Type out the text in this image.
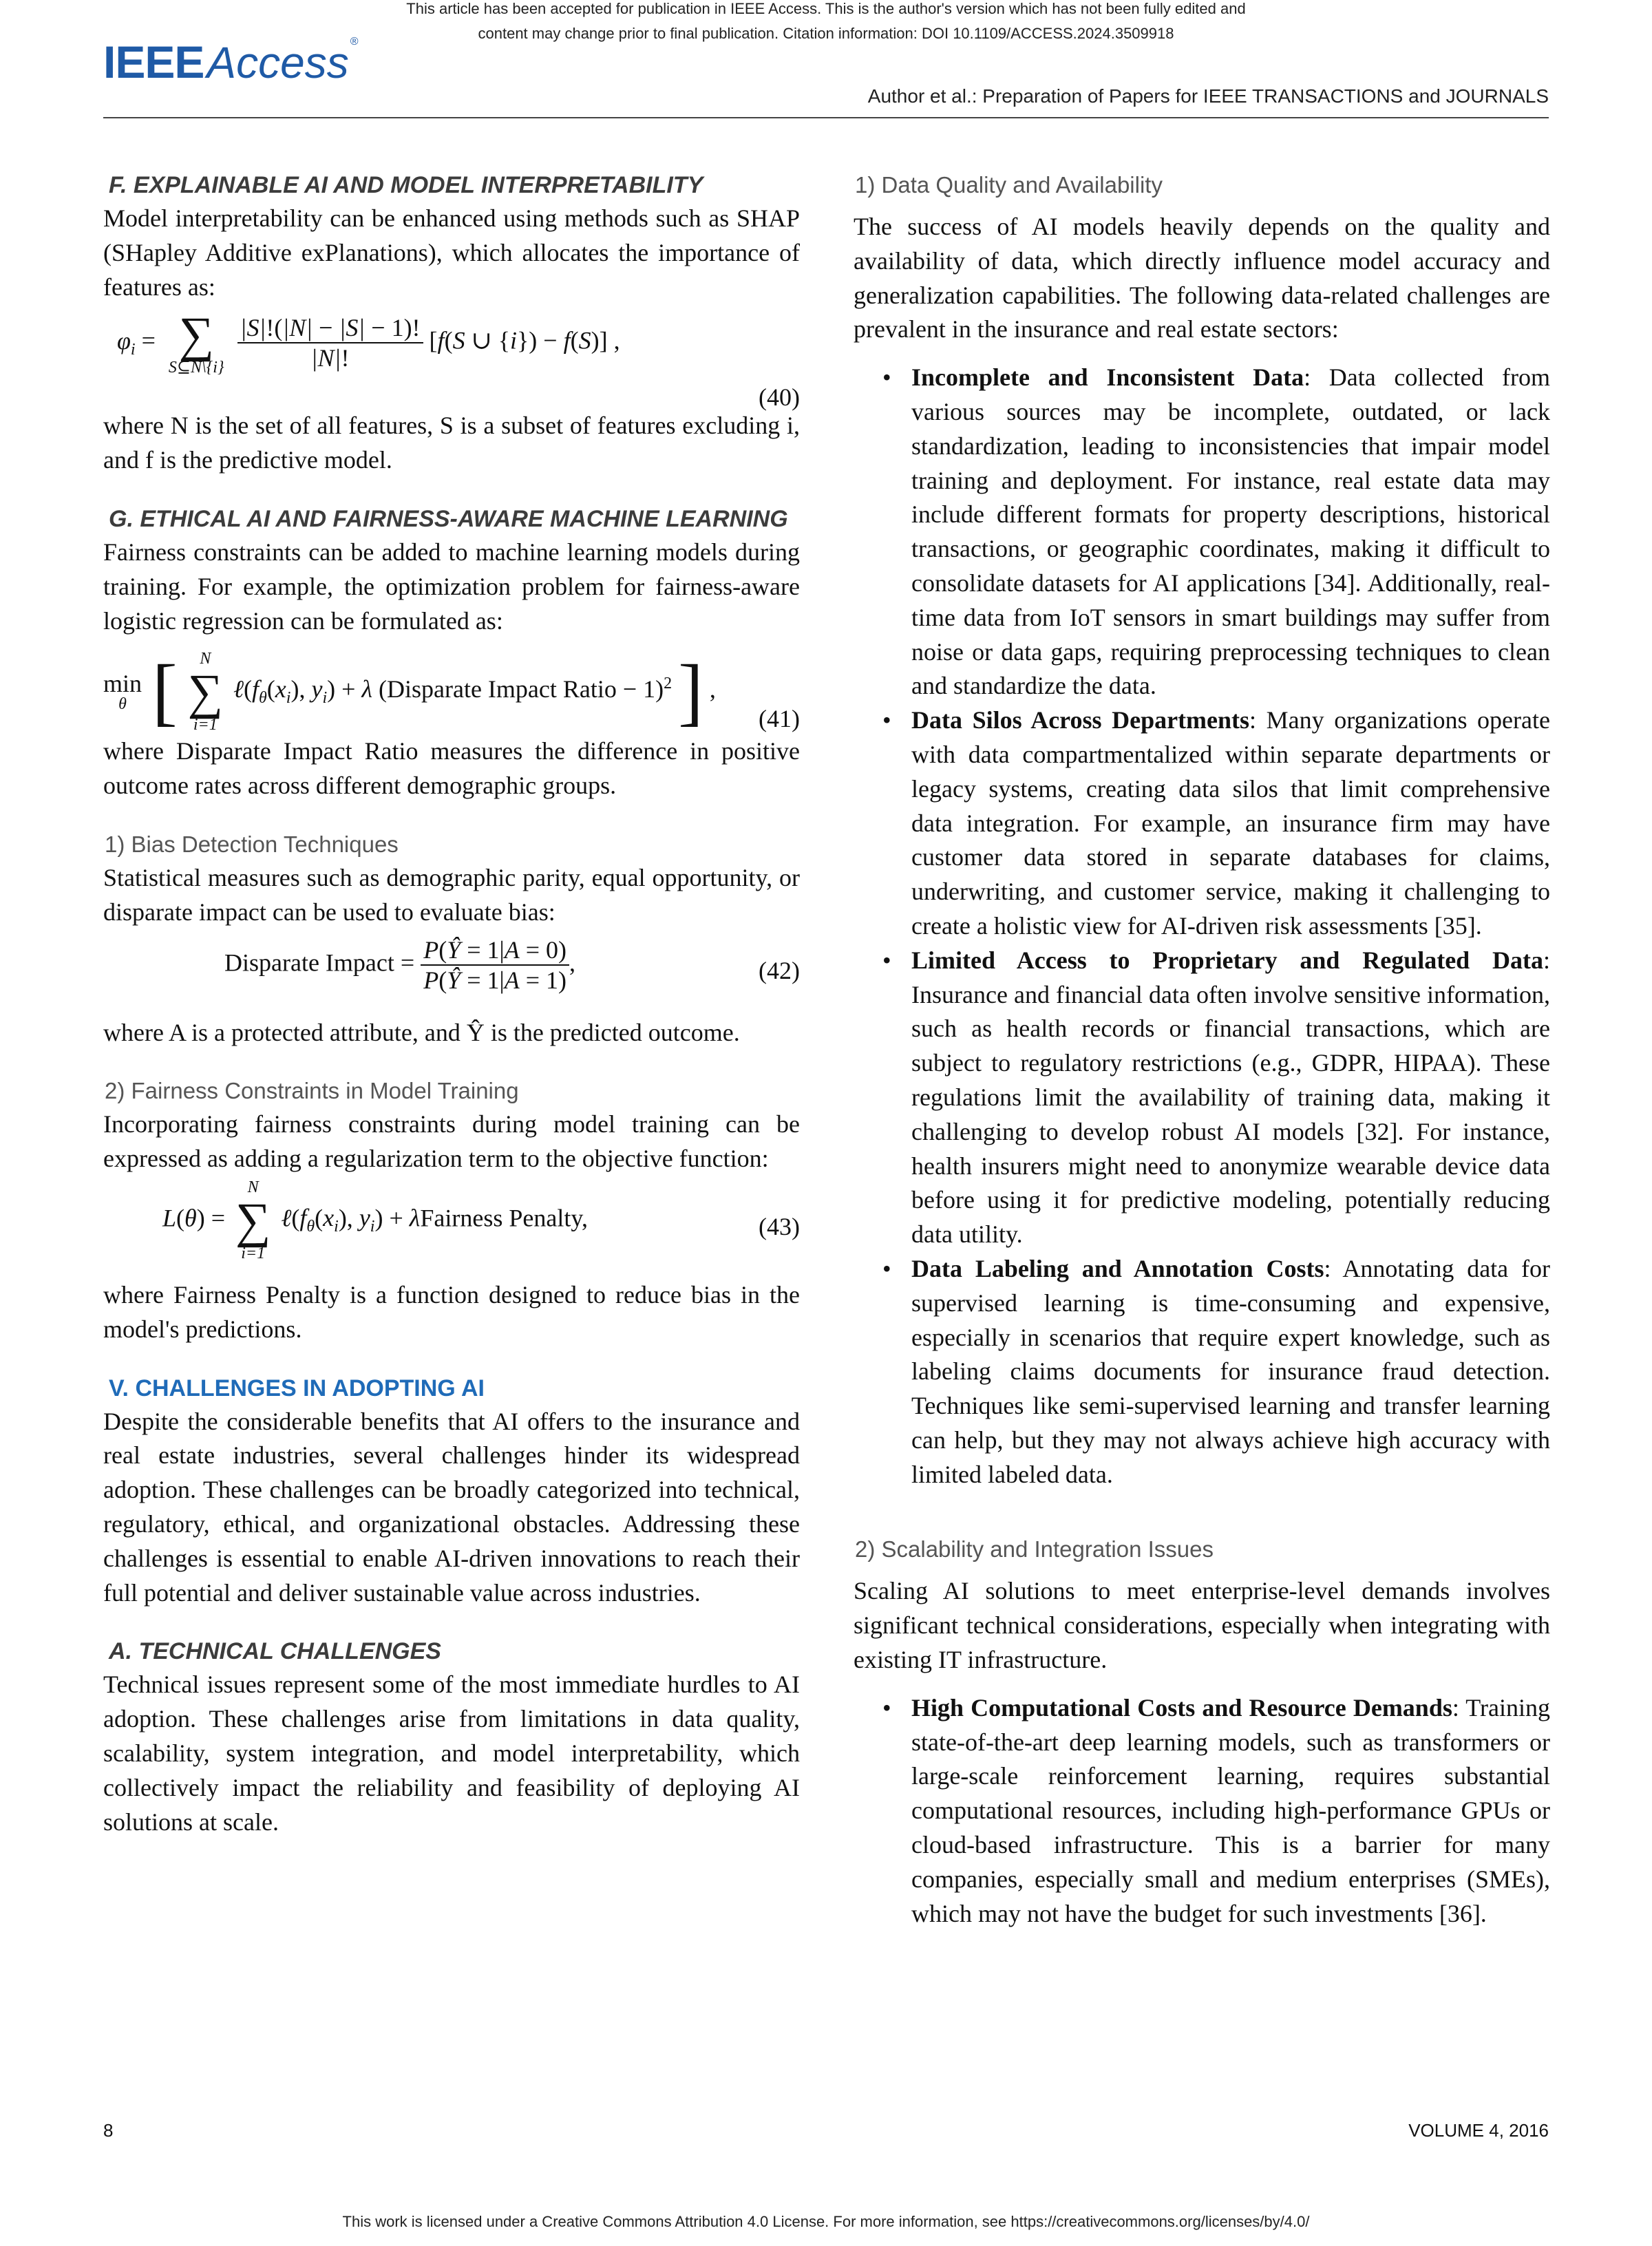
This article has been accepted for publication in IEEE Access. This is the author's version which has not been fully edited and
content may change prior to final publication. Citation information: DOI 10.1109/ACCESS.2024.3509918
IEEEAccess ®
Author et al.: Preparation of Papers for IEEE TRANSACTIONS and JOURNALS
F. EXPLAINABLE AI AND MODEL INTERPRETABILITY

Model interpretability can be enhanced using methods such as SHAP (SHapley Additive exPlanations), which allocates the importance of features as:

$\varphi_i$ = ∑
S⊆N\{i}
$\frac{|S|!(|N| - |S| - 1)!}{|N|!} [f(S$ ∪ {i}) − f(S)] ,
(40)

where N is the set of all features, S is a subset of features excluding i, and f is the predictive model.

G. ETHICAL AI AND FAIRNESS-AWARE MACHINE LEARNING

Fairness constraints can be added to machine learning models during training. For example, the optimization problem for fairness-aware logistic regression can be formulated as:

min
θ [	N
∑
i=1
$\ell(f_\theta(x_i)$, $y_i) + \lambda$ (Disparate Impact Ratio − 1)$^2$ ] ,
(41)

where Disparate Impact Ratio measures the difference in positive outcome rates across different demographic groups.

1) Bias Detection Techniques

Statistical measures such as demographic parity, equal opportunity, or disparate impact can be used to evaluate bias:

Disparate Impact = $\frac{P(Ŷ = 1|A = 0)}{P(Ŷ = 1|A = 1)}$ ,	(42)

where A is a protected attribute, and Ŷ is the predicted outcome.

2) Fairness Constraints in Model Training

Incorporating fairness constraints during model training can be expressed as adding a regularization term to the objective function:

L(θ) =
N
∑
i=1
$\ell(f_\theta(x_i)$, $y_i$) + λFairness Penalty,	(43)

where Fairness Penalty is a function designed to reduce bias in the model's predictions.

V. CHALLENGES IN ADOPTING AI

Despite the considerable benefits that AI offers to the insurance and real estate industries, several challenges hinder its widespread adoption. These challenges can be broadly categorized into technical, regulatory, ethical, and organizational obstacles. Addressing these challenges is essential to enable AI-driven innovations to reach their full potential and deliver sustainable value across industries.

A. TECHNICAL CHALLENGES

Technical issues represent some of the most immediate hurdles to AI adoption. These challenges arise from limitations in data quality, scalability, system integration, and model interpretability, which collectively impact the reliability and feasibility of deploying AI solutions at scale.

1) Data Quality and Availability

The success of AI models heavily depends on the quality and availability of data, which directly influence model accuracy and generalization capabilities. The following data-related challenges are prevalent in the insurance and real estate sectors:

• Incomplete and Inconsistent Data: Data collected from various sources may be incomplete, outdated, or lack standardization, leading to inconsistencies that impair model training and deployment. For instance, real estate data may include different formats for property descriptions, historical transactions, or geographic coordinates, making it difficult to consolidate datasets for AI applications [34]. Additionally, real-time data from IoT sensors in smart buildings may suffer from noise or data gaps, requiring preprocessing techniques to clean and standardize the data.
• Data Silos Across Departments: Many organizations operate with data compartmentalized within separate departments or legacy systems, creating data silos that limit comprehensive data integration. For example, an insurance firm may have customer data stored in separate databases for claims, underwriting, and customer service, making it challenging to create a holistic view for AI-driven risk assessments [35].
• Limited Access to Proprietary and Regulated Data: Insurance and financial data often involve sensitive information, such as health records or financial transactions, which are subject to regulatory restrictions (e.g., GDPR, HIPAA). These regulations limit the availability of training data, making it challenging to develop robust AI models [32]. For instance, health insurers might need to anonymize wearable device data before using it for predictive modeling, potentially reducing data utility.
• Data Labeling and Annotation Costs: Annotating data for supervised learning is time-consuming and expensive, especially in scenarios that require expert knowledge, such as labeling claims documents for insurance fraud detection. Techniques like semi-supervised learning and transfer learning can help, but they may not always achieve high accuracy with limited labeled data.
2) Scalability and Integration Issues

Scaling AI solutions to meet enterprise-level demands involves significant technical considerations, especially when integrating with existing IT infrastructure.

• High Computational Costs and Resource Demands: Training state-of-the-art deep learning models, such as transformers or large-scale reinforcement learning, requires substantial computational resources, including high-performance GPUs or cloud-based infrastructure. This is a barrier for many companies, especially small and medium enterprises (SMEs), which may not have the budget for such investments [36].
8	VOLUME 4, 2016
This work is licensed under a Creative Commons Attribution 4.0 License. For more information, see https://creativecommons.org/licenses/by/4.0/
